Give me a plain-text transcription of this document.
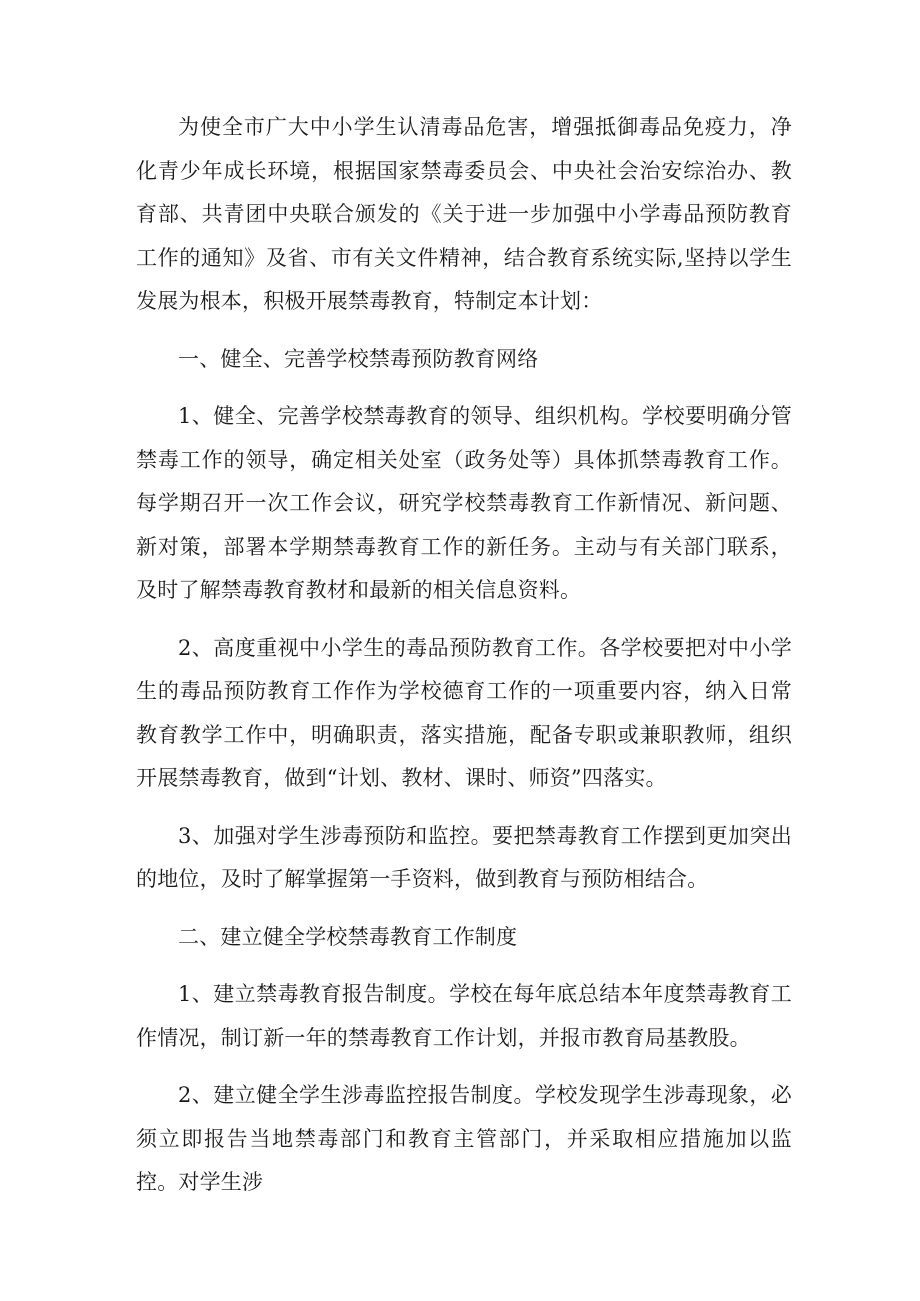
为使全市广大中小学生认清毒品危害，增强抵御毒品免疫力，净化青少年成长环境，根据国家禁毒委员会、中央社会治安综治办、教育部、共青团中央联合颁发的《关于进一步加强中小学毒品预防教育工作的通知》及省、市有关文件精神，结合教育系统实际,坚持以学生发展为根本，积极开展禁毒教育，特制定本计划：

一、健全、完善学校禁毒预防教育网络

1、健全、完善学校禁毒教育的领导、组织机构。学校要明确分管禁毒工作的领导，确定相关处室（政务处等）具体抓禁毒教育工作。每学期召开一次工作会议，研究学校禁毒教育工作新情况、新问题、新对策，部署本学期禁毒教育工作的新任务。主动与有关部门联系，及时了解禁毒教育教材和最新的相关信息资料。

2、高度重视中小学生的毒品预防教育工作。各学校要把对中小学生的毒品预防教育工作作为学校德育工作的一项重要内容，纳入日常教育教学工作中，明确职责，落实措施，配备专职或兼职教师，组织开展禁毒教育，做到“计划、教材、课时、师资”四落实。

3、加强对学生涉毒预防和监控。要把禁毒教育工作摆到更加突出的地位，及时了解掌握第一手资料，做到教育与预防相结合。

二、建立健全学校禁毒教育工作制度

1、建立禁毒教育报告制度。学校在每年底总结本年度禁毒教育工作情况，制订新一年的禁毒教育工作计划，并报市教育局基教股。

2、建立健全学生涉毒监控报告制度。学校发现学生涉毒现象，必须立即报告当地禁毒部门和教育主管部门，并采取相应措施加以监控。对学生涉
